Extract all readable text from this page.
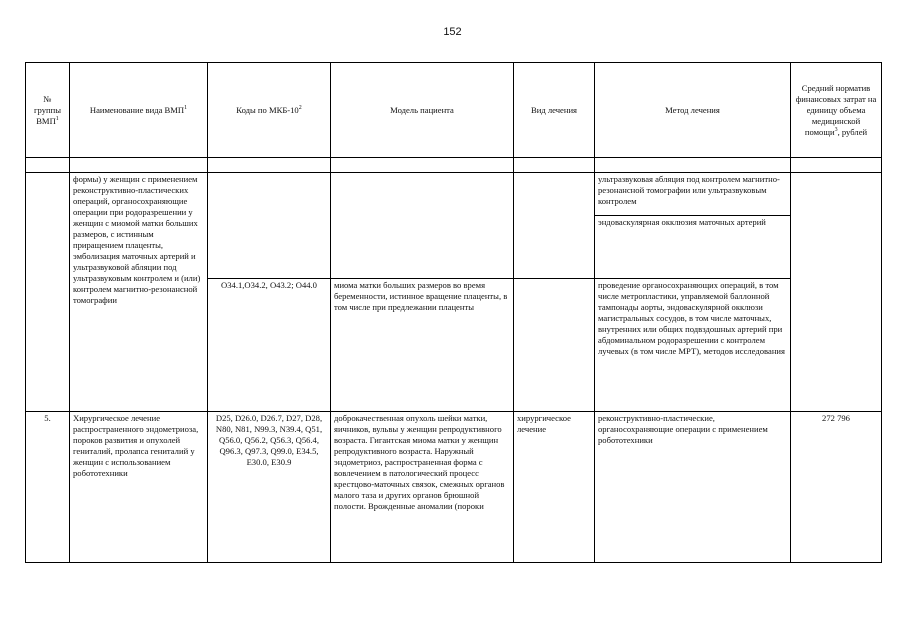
152
№ группы ВМП$^1$	Наименование вида ВМП$^1$	Коды по МКБ-$10^2$	Модель пациента	Вид лечения	Метод лечения	Средний норматив финансовых затрат на единицу объема медицинской помощи$^3$, рублей

	формы) у женщин с применением реконструктивно-пластических операций, органосохраняющие операции при родоразрешении у женщин с миомой матки больших размеров, с истинным приращением плаценты, эмболизация маточных артерий и ультразвуковой абляции под ультразвуковым контролем и (или) контролем магнитно-резонансной томографии				ультразвуковая абляция под контролем магнитно-резонансной томографии или ультразвуковым контролем	
					эндоваскулярная окклюзия маточных артерий	
		O34.1,O34.2, O43.2; O44.0	миома матки больших размеров во время беременности, истинное вращение плаценты, в том числе при предлежании плаценты		проведение органосохраняющих операций, в том числе метропластики, управляемой баллонной тампонады аорты, эндоваскулярной окклюзи магистральных сосудов, в том числе маточных, внутренних или общих подвздошных артерий при абдоминальном родоразрешении с контролем лучевых (в том числе МРТ), методов исследования	
5.	Хирургическое лечение распространенного эндометриоза, пороков развития и опухолей гениталий, пролапса гениталий у женщин с использованием робототехники	D25, D26.0, D26.7, D27, D28, N80, N81, N99.3, N39.4, Q51, Q56.0, Q56.2, Q56.3, Q56.4, Q96.3, Q97.3, Q99.0, E34.5, E30.0, E30.9	доброкачественная опухоль шейки матки, яичников, вульвы у женщин репродуктивного возраста. Гигантская миома матки у женщин репродуктивного возраста. Наружный эндометриоз, распространенная форма с вовлечением в патологический процесс крестцово-маточных связок, смежных органов малого таза и других органов брюшной полости. Врожденные аномалии (пороки	хирургическое лечение	реконструктивно-пластические, органосохраняющие операции с применением робототехники	272 796
